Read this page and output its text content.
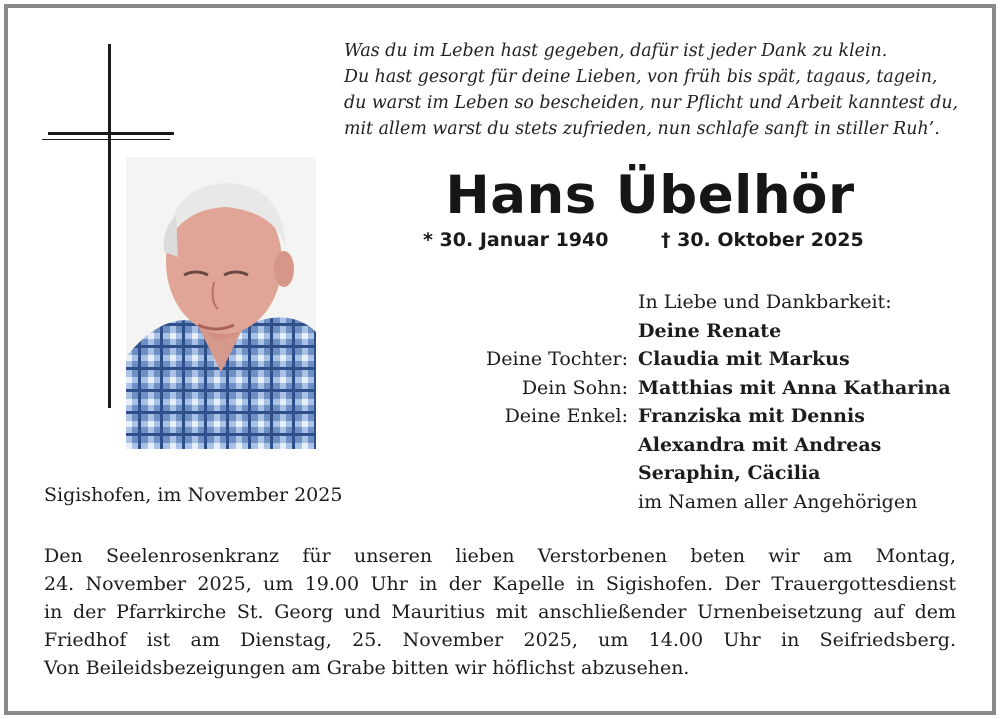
Was du im Leben hast gegeben, dafür ist jeder Dank zu klein.
Du hast gesorgt für deine Lieben, von früh bis spät, tagaus, tagein,
du warst im Leben so bescheiden, nur Pflicht und Arbeit kanntest du,
mit allem warst du stets zufrieden, nun schlafe sanft in stiller Ruh’.
Hans Übelhör
* 30. Januar 1940	† 30. Oktober 2025
In Liebe und Dankbarkeit:
Deine Renate
Deine Tochter: Claudia mit Markus
Dein Sohn: Matthias mit Anna Katharina
Deine Enkel: Franziska mit Dennis
Alexandra mit Andreas
Seraphin, Cäcilia
im Namen aller Angehörigen
Sigishofen, im November 2025

Den Seelenrosenkranz für unseren lieben Verstorbenen beten wir am Montag,

24. November 2025, um 19.00 Uhr in der Kapelle in Sigishofen. Der Trauergottesdienst

in der Pfarrkirche St. Georg und Mauritius mit anschließender Urnenbeisetzung auf dem

Friedhof ist am Dienstag, 25. November 2025, um 14.00 Uhr in Seifriedsberg.

Von Beileidsbezeigungen am Grabe bitten wir höflichst abzusehen.
